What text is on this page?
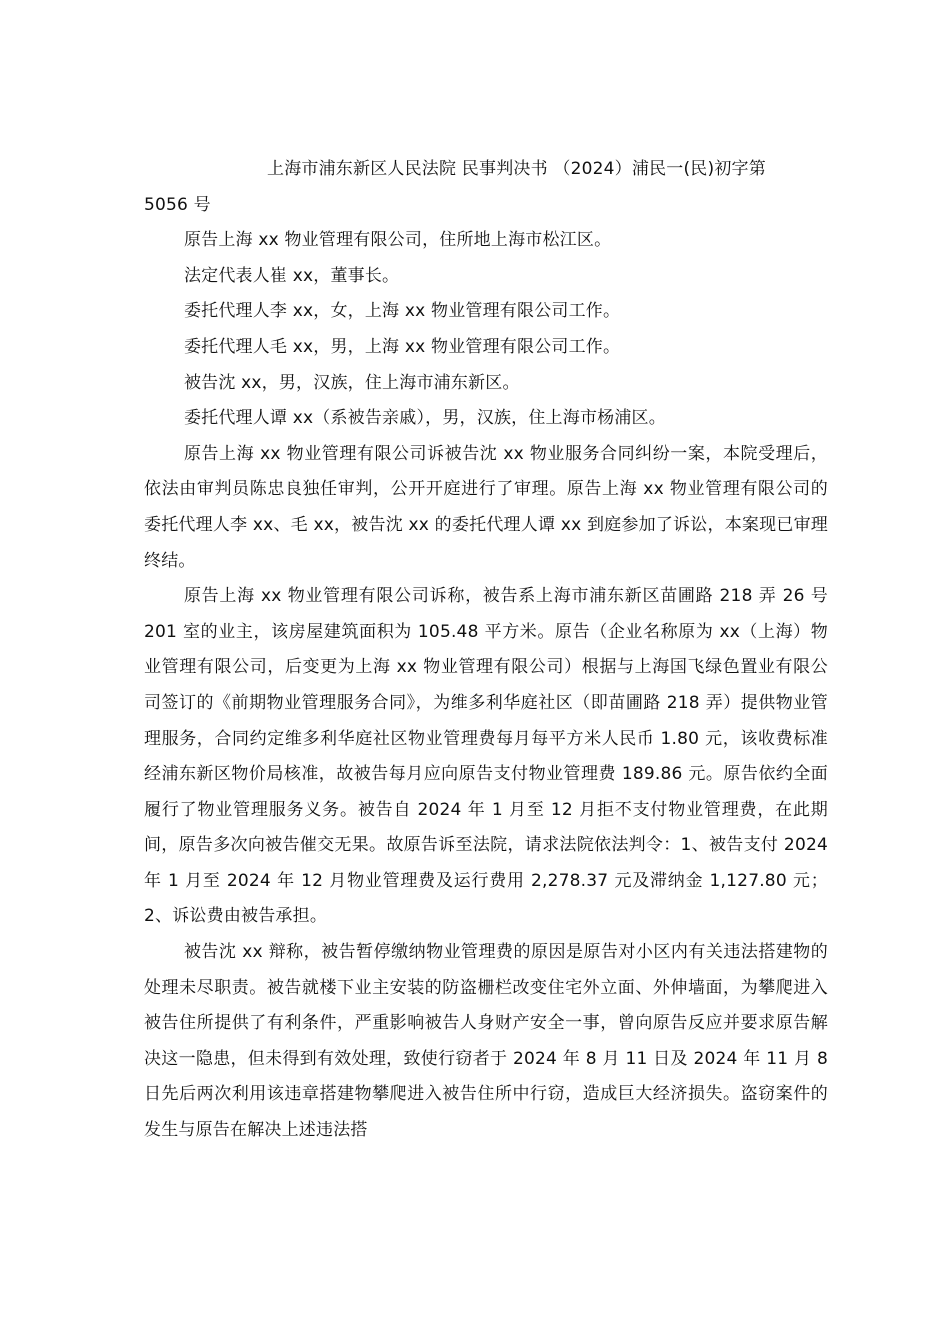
上海市浦东新区人民法院 民事判决书 （2024）浦民一(民)初字第

5056 号

原告上海 xx 物业管理有限公司，住所地上海市松江区。

法定代表人崔 xx，董事长。

委托代理人李 xx，女，上海 xx 物业管理有限公司工作。

委托代理人毛 xx，男，上海 xx 物业管理有限公司工作。

被告沈 xx，男，汉族，住上海市浦东新区。

委托代理人谭 xx（系被告亲戚），男，汉族，住上海市杨浦区。

原告上海 xx 物业管理有限公司诉被告沈 xx 物业服务合同纠纷一案，本院受理后，依法由审判员陈忠良独任审判，公开开庭进行了审理。原告上海 xx 物业管理有限公司的委托代理人李 xx、毛 xx，被告沈 xx 的委托代理人谭 xx 到庭参加了诉讼，本案现已审理终结。

原告上海 xx 物业管理有限公司诉称，被告系上海市浦东新区苗圃路 218 弄 26 号 201 室的业主，该房屋建筑面积为 105.48 平方米。原告（企业名称原为 xx（上海）物业管理有限公司，后变更为上海 xx 物业管理有限公司）根据与上海国飞绿色置业有限公司签订的《前期物业管理服务合同》，为维多利华庭社区（即苗圃路 218 弄）提供物业管理服务，合同约定维多利华庭社区物业管理费每月每平方米人民币 1.80 元，该收费标准经浦东新区物价局核准，故被告每月应向原告支付物业管理费 189.86 元。原告依约全面履行了物业管理服务义务。被告自 2024 年 1 月至 12 月拒不支付物业管理费，在此期间，原告多次向被告催交无果。故原告诉至法院，请求法院依法判令：1、被告支付 2024 年 1 月至 2024 年 12 月物业管理费及运行费用 2,278.37 元及滞纳金 1,127.80 元；2、诉讼费由被告承担。

被告沈 xx 辩称，被告暂停缴纳物业管理费的原因是原告对小区内有关违法搭建物的处理未尽职责。被告就楼下业主安装的防盗栅栏改变住宅外立面、外伸墙面，为攀爬进入被告住所提供了有利条件，严重影响被告人身财产安全一事，曾向原告反应并要求原告解决这一隐患，但未得到有效处理，致使行窃者于 2024 年 8 月 11 日及 2024 年 11 月 8 日先后两次利用该违章搭建物攀爬进入被告住所中行窃，造成巨大经济损失。盗窃案件的发生与原告在解决上述违法搭
